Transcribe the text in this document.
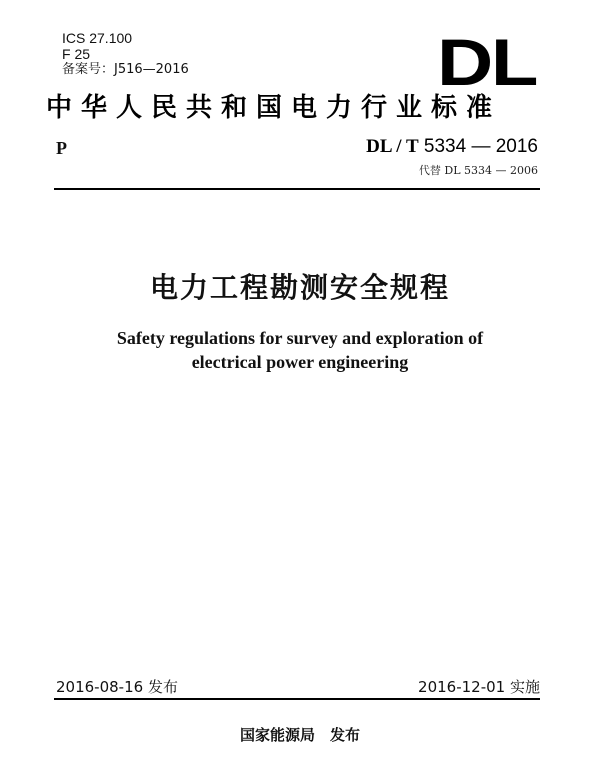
ICS 27.100
F 25
备案号：J516—2016	DL
中华人民共和国电力行业标准
P	DL / T 5334 — 2016
代替 DL 5334 — 2006
电力工程勘测安全规程
Safety regulations for survey and exploration of
electrical power engineering
2016-08-16 发布	2016-12-01 实施
国家能源局　发布
